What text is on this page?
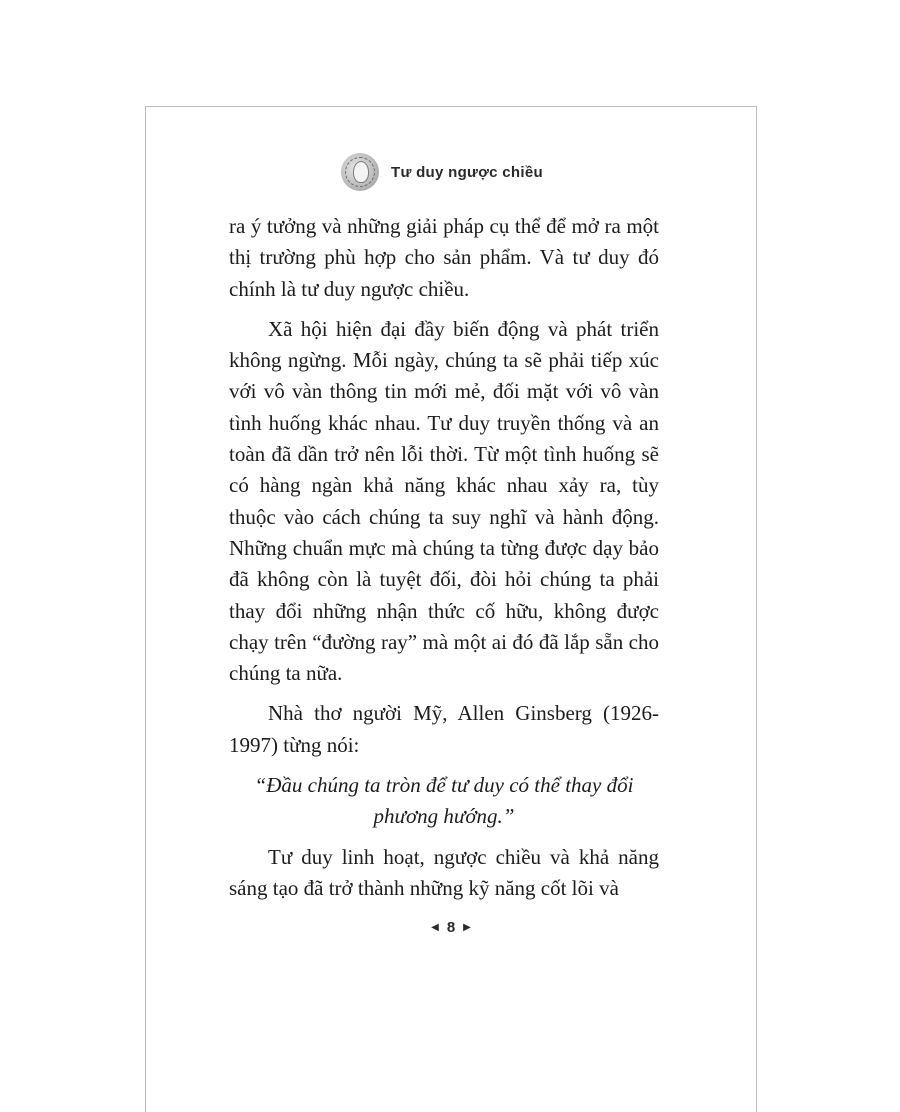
Tư duy ngược chiều

ra ý tưởng và những giải pháp cụ thể để mở ra một thị trường phù hợp cho sản phẩm. Và tư duy đó chính là tư duy ngược chiều.

Xã hội hiện đại đầy biến động và phát triển không ngừng. Mỗi ngày, chúng ta sẽ phải tiếp xúc với vô vàn thông tin mới mẻ, đối mặt với vô vàn tình huống khác nhau. Tư duy truyền thống và an toàn đã dần trở nên lỗi thời. Từ một tình huống sẽ có hàng ngàn khả năng khác nhau xảy ra, tùy thuộc vào cách chúng ta suy nghĩ và hành động. Những chuẩn mực mà chúng ta từng được dạy bảo đã không còn là tuyệt đối, đòi hỏi chúng ta phải thay đổi những nhận thức cố hữu, không được chạy trên “đường ray” mà một ai đó đã lắp sẵn cho chúng ta nữa.

Nhà thơ người Mỹ, Allen Ginsberg (1926-1997) từng nói:

“Đầu chúng ta tròn để tư duy có thể thay đổi phương hướng.”

Tư duy linh hoạt, ngược chiều và khả năng sáng tạo đã trở thành những kỹ năng cốt lõi và

◀ 8 ▶
